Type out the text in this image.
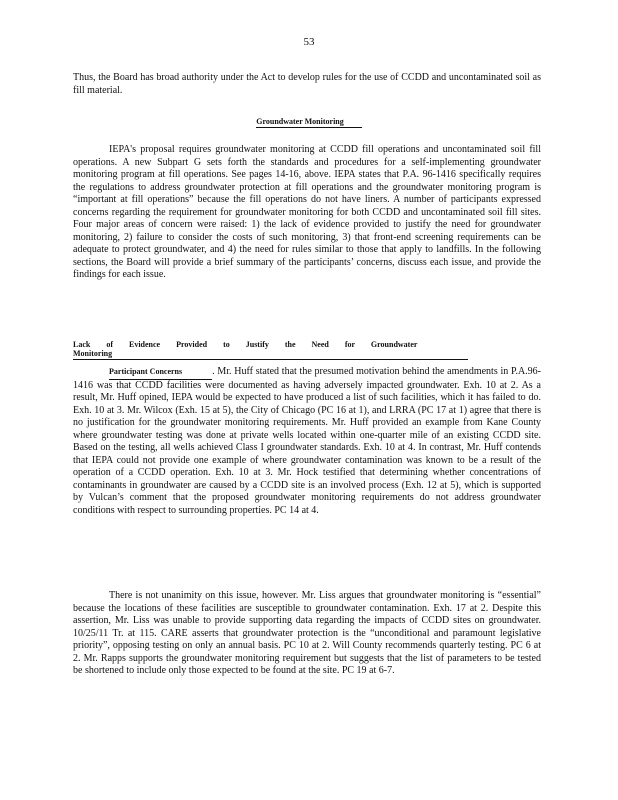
53

Thus, the Board has broad authority under the Act to develop rules for the use of CCDD and uncontaminated soil as fill material.

Groundwater Monitoring

IEPA's proposal requires groundwater monitoring at CCDD fill operations and uncontaminated soil fill operations. A new Subpart G sets forth the standards and procedures for a self-implementing groundwater monitoring program at fill operations. See pages 14-16, above. IEPA states that P.A. 96-1416 specifically requires the regulations to address groundwater protection at fill operations and the groundwater monitoring program is “important at fill operations” because the fill operations do not have liners. A number of participants expressed concerns regarding the requirement for groundwater monitoring for both CCDD and uncontaminated soil fill sites. Four major areas of concern were raised: 1) the lack of evidence provided to justify the need for groundwater monitoring, 2) failure to consider the costs of such monitoring, 3) that front-end screening requirements can be adequate to protect groundwater, and 4) the need for rules similar to those that apply to landfills. In the following sections, the Board will provide a brief summary of the participants’ concerns, discuss each issue, and provide the findings for each issue.

Lack of Evidence Provided to Justify the Need for Groundwater Monitoring

Participant Concerns	. Mr. Huff stated that the presumed motivation behind the amendments in P.A.96-1416 was that CCDD facilities were documented as having adversely impacted groundwater. Exh. 10 at 2. As a result, Mr. Huff opined, IEPA would be expected to have produced a list of such facilities, which it has failed to do. Exh. 10 at 3. Mr. Wilcox (Exh. 15 at 5), the City of Chicago (PC 16 at 1), and LRRA (PC 17 at 1) agree that there is no justification for the groundwater monitoring requirements. Mr. Huff provided an example from Kane County where groundwater testing was done at private wells located within one-quarter mile of an existing CCDD site. Based on the testing, all wells achieved Class I groundwater standards. Exh. 10 at 4. In contrast, Mr. Huff contends that IEPA could not provide one example of where groundwater contamination was known to be a result of the operation of a CCDD operation. Exh. 10 at 3. Mr. Hock testified that determining whether concentrations of contaminants in groundwater are caused by a CCDD site is an involved process (Exh. 12 at 5), which is supported by Vulcan’s comment that the proposed groundwater monitoring requirements do not address groundwater conditions with respect to surrounding properties. PC 14 at 4.

There is not unanimity on this issue, however. Mr. Liss argues that groundwater monitoring is “essential” because the locations of these facilities are susceptible to groundwater contamination. Exh. 17 at 2. Despite this assertion, Mr. Liss was unable to provide supporting data regarding the impacts of CCDD sites on groundwater. 10/25/11 Tr. at 115. CARE asserts that groundwater protection is the “unconditional and paramount legislative priority”, opposing testing on only an annual basis. PC 10 at 2. Will County recommends quarterly testing. PC 6 at 2. Mr. Rapps supports the groundwater monitoring requirement but suggests that the list of parameters to be tested be shortened to include only those expected to be found at the site. PC 19 at 6-7.
